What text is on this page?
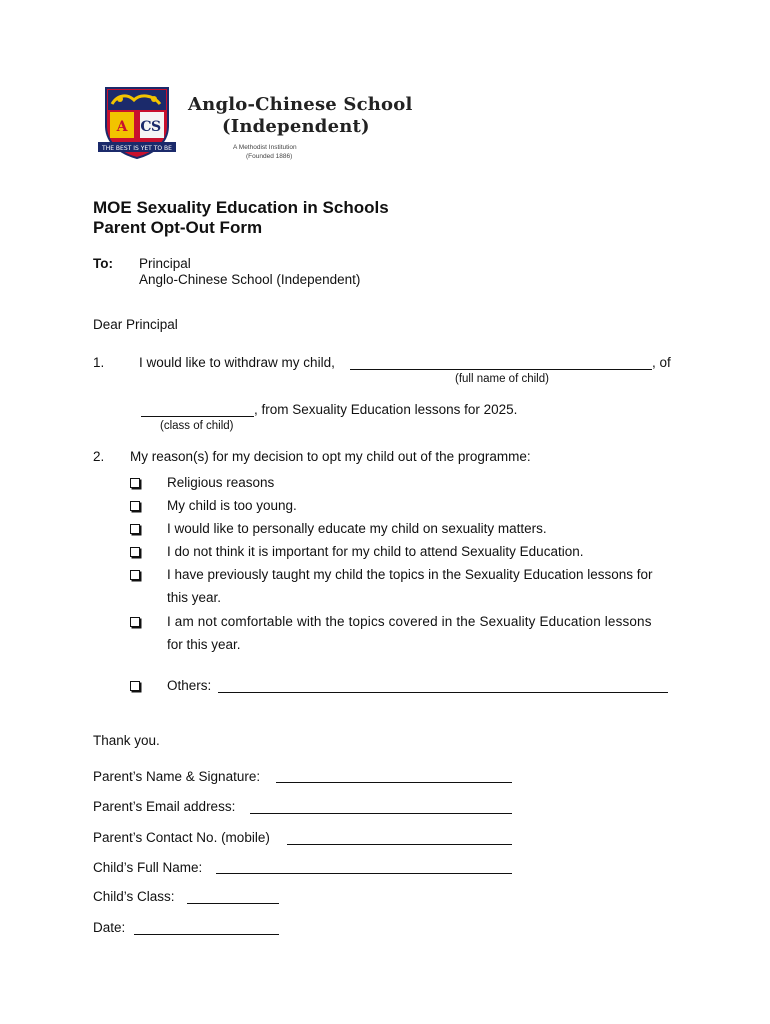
A C S
THE BEST IS YET TO BE
Anglo-Chinese School
(Independent)
A Methodist Institution
(Founded 1886)
MOE Sexuality Education in Schools
Parent Opt-Out Form
To: Principal
Anglo-Chinese School (Independent)
Dear Principal
1.	I would like to withdraw my child,	, of
(full name of child)
, from Sexuality Education lessons for 2025.
(class of child)
2. My reason(s) for my decision to opt my child out of the programme:
Religious reasons
My child is too young.
I would like to personally educate my child on sexuality matters.
I do not think it is important for my child to attend Sexuality Education.
I have previously taught my child the topics in the Sexuality Education lessons for
this year.
I am not comfortable with the topics covered in the Sexuality Education lessons
for this year.
Others:
Thank you.
Parent’s Name & Signature:
Parent’s Email address:
Parent’s Contact No. (mobile)
Child’s Full Name:
Child’s Class:
Date:
